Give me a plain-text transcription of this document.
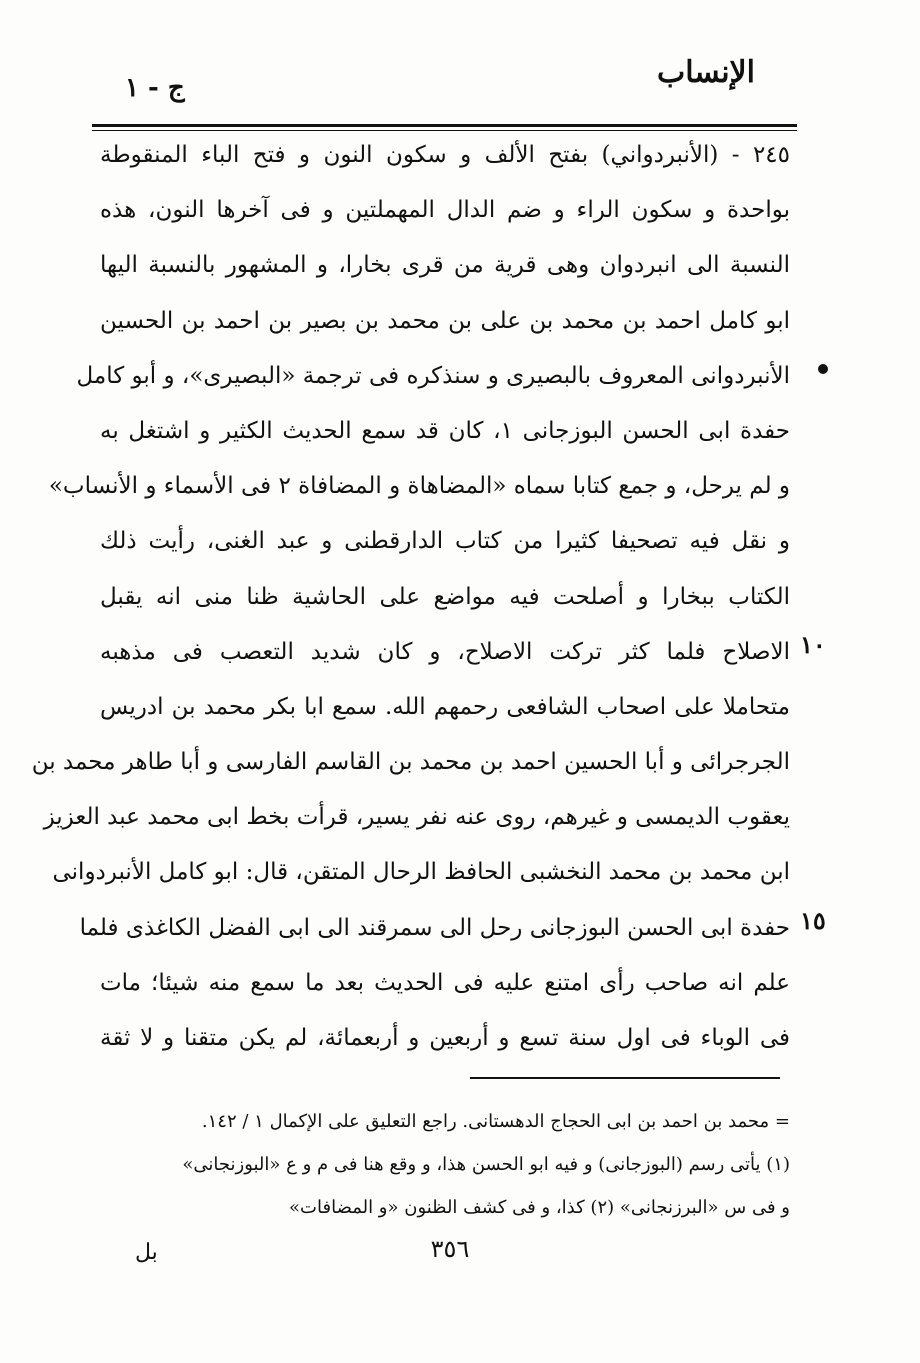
الإنساب
ج - ١
٢٤٥ - (الأنبردواني) بفتح الألف و سكون النون و فتح الباء المنقوطة
بواحدة و سكون الراء و ضم الدال المهملتين و فى آخرها النون، هذه
النسبة الى انبردوان وهى قرية من قرى بخارا، و المشهور بالنسبة اليها
ابو كامل احمد بن محمد بن على بن محمد بن بصير بن احمد بن الحسين
الأنبردوانى المعروف بالبصيرى و سنذكره فى ترجمة «البصيرى»، و أبو كامل
حفدة ابى الحسن البوزجانى ١، كان قد سمع الحديث الكثير و اشتغل به
و لم يرحل، و جمع كتابا سماه «المضاهاة و المضافاة ٢ فى الأسماء و الأنساب»
و نقل فيه تصحيفا كثيرا من كتاب الدارقطنى و عبد الغنى، رأيت ذلك
الكتاب ببخارا و أصلحت فيه مواضع على الحاشية ظنا منى انه يقبل
الاصلاح فلما كثر تركت الاصلاح، و كان شديد التعصب فى مذهبه
متحاملا على اصحاب الشافعى رحمهم الله. سمع ابا بكر محمد بن ادريس
الجرجرائى و أبا الحسين احمد بن محمد بن القاسم الفارسى و أبا طاهر محمد بن
يعقوب الديمسى و غيرهم، روى عنه نفر يسير، قرأت بخط ابى محمد عبد العزيز
ابن محمد بن محمد النخشبى الحافظ الرحال المتقن، قال: ابو كامل الأنبردوانى
حفدة ابى الحسن البوزجانى رحل الى سمرقند الى ابى الفضل الكاغذى فلما
علم انه صاحب رأى امتنع عليه فى الحديث بعد ما سمع منه شيئا؛ مات
فى الوباء فى اول سنة تسع و أربعين و أربعمائة، لم يكن متقنا و لا ثقة
١٠
١٥
= محمد بن احمد بن ابى الحجاج الدهستانى. راجع التعليق على الإكمال ١ / ١٤٢.
(١) يأتى رسم (البوزجانى) و فيه ابو الحسن هذا، و وقع هنا فى م و ع «البوزنجانى»
و فى س «البرزنجانى» (٢) كذا، و فى كشف الظنون «و المضافات»
٣٥٦
بل
